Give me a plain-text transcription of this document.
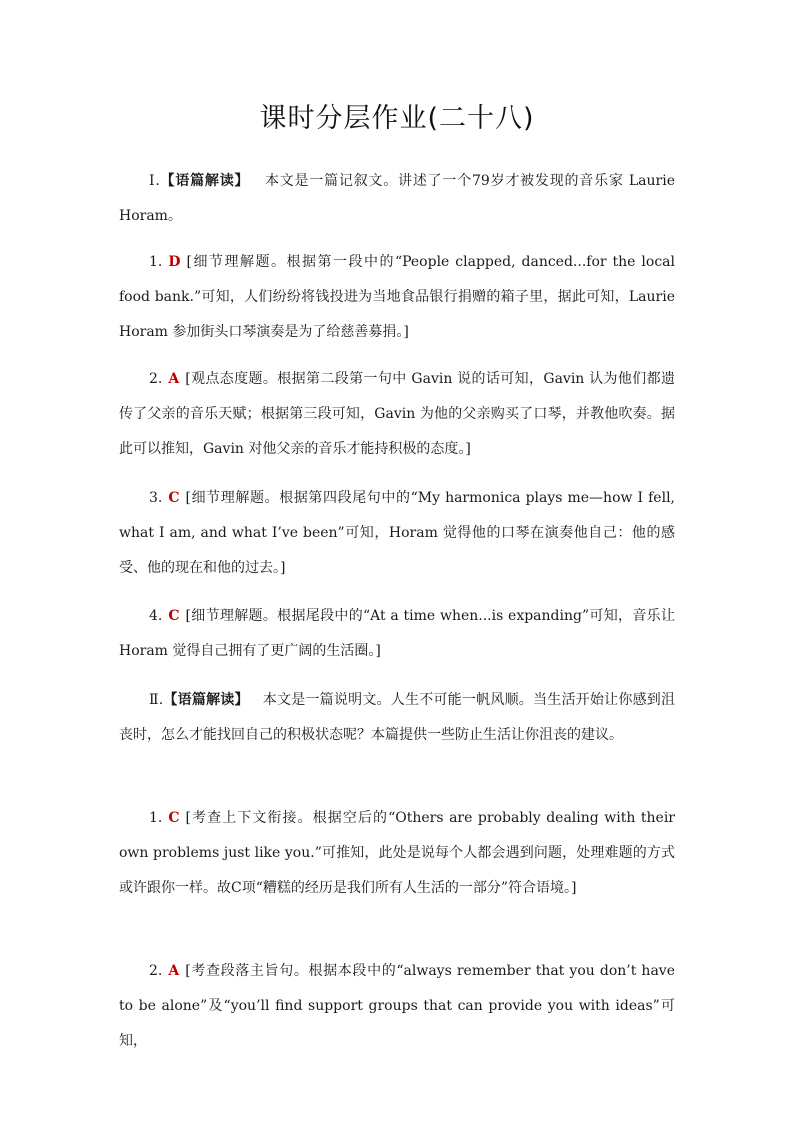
课时分层作业(二十八)

Ⅰ.【语篇解读】 本文是一篇记叙文。讲述了一个79岁才被发现的音乐家 Laurie Horam。

1. D [细节理解题。根据第一段中的“People clapped, danced...for the local food bank.”可知，人们纷纷将钱投进为当地食品银行捐赠的箱子里，据此可知，Laurie Horam 参加街头口琴演奏是为了给慈善募捐。]

2. A [观点态度题。根据第二段第一句中 Gavin 说的话可知，Gavin 认为他们都遗传了父亲的音乐天赋；根据第三段可知，Gavin 为他的父亲购买了口琴，并教他吹奏。据此可以推知，Gavin 对他父亲的音乐才能持积极的态度。]

3. C [细节理解题。根据第四段尾句中的“My harmonica plays me—how I fell, what I am, and what I’ve been”可知，Horam 觉得他的口琴在演奏他自己：他的感受、他的现在和他的过去。]

4. C [细节理解题。根据尾段中的“At a time when...is expanding”可知，音乐让 Horam 觉得自己拥有了更广阔的生活圈。]

Ⅱ.【语篇解读】 本文是一篇说明文。人生不可能一帆风顺。当生活开始让你感到沮丧时，怎么才能找回自己的积极状态呢？本篇提供一些防止生活让你沮丧的建议。

1. C [考查上下文衔接。根据空后的“Others are probably dealing with their own problems just like you.”可推知，此处是说每个人都会遇到问题，处理难题的方式或许跟你一样。故C项“糟糕的经历是我们所有人生活的一部分”符合语境。]

2. A [考查段落主旨句。根据本段中的“always remember that you don’t have to be alone”及“you’ll find support groups that can provide you with ideas”可知，
